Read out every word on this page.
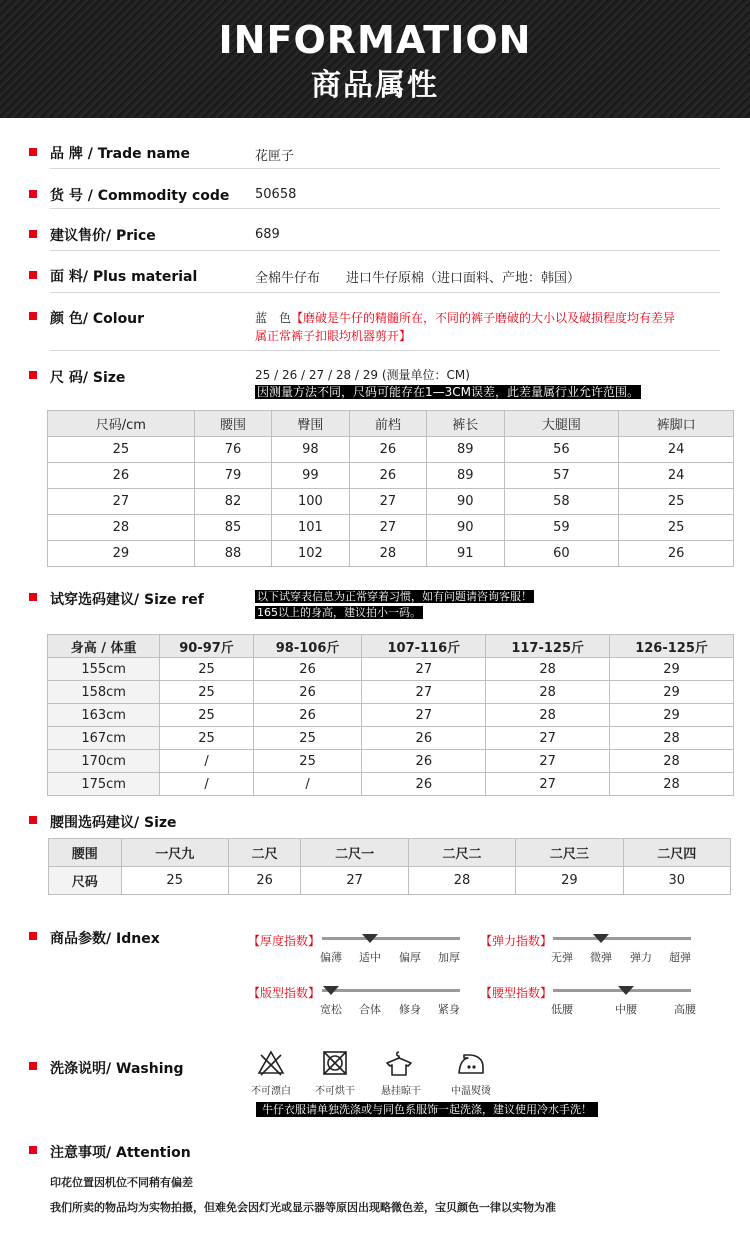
INFORMATION
商品属性
品 牌 / Trade name	花匣子
货 号 / Commodity code 50658
建议售价/ Price	689
面 料/ Plus material	全棉牛仔布　　进口牛仔原棉（进口面料、产地：韩国）
颜 色/ Colour	蓝　色【磨破是牛仔的精髓所在，不同的裤子磨破的大小以及破损程度均有差异
属正常裤子扣眼均机器剪开】
尺 码/ Size	25 / 26 / 27 / 28 / 29 (测量单位：CM)
因测量方法不同，尺码可能存在1—3CM误差，此差量属行业允许范围。
尺码/cm	腰围	臀围	前档	裤长	大腿围	裤脚口
25	76	98	26	89	56	24
26	79	99	26	89	57	24
27	82	100	27	90	58	25
28	85	101	27	90	59	25
29	88	102	28	91	60	26
试穿选码建议/ Size ref	以下试穿表信息为正常穿着习惯，如有问题请咨询客服！
165以上的身高，建议拍小一码。
身高 / 体重	90-97斤	98-106斤	107-116斤	117-125斤	126-125斤
155cm	25	26	27	28	29
158cm	25	26	27	28	29
163cm	25	26	27	28	29
167cm	25	25	26	27	28
170cm	/	25	26	27	28
175cm	/	/	26	27	28
腰围选码建议/ Size
腰围	一尺九	二尺	二尺一	二尺二	二尺三	二尺四
尺码	25	26	27	28	29	30
商品参数/ Idnex	【厚度指数】
偏薄 适中 偏厚 加厚
【弹力指数】
无弹 微弹 弹力 超弹
【版型指数】
宽松 合体 修身 紧身
【腰型指数】
低腰	中腰	高腰
洗涤说明/ Washing
不可漂白 不可烘干	悬挂晾干	中温熨烫
牛仔衣服请单独洗涤或与同色系服饰一起洗涤，建议使用冷水手洗！
注意事项/ Attention
印花位置因机位不同稍有偏差
我们所卖的物品均为实物拍摄，但难免会因灯光或显示器等原因出现略微色差，宝贝颜色一律以实物为准
